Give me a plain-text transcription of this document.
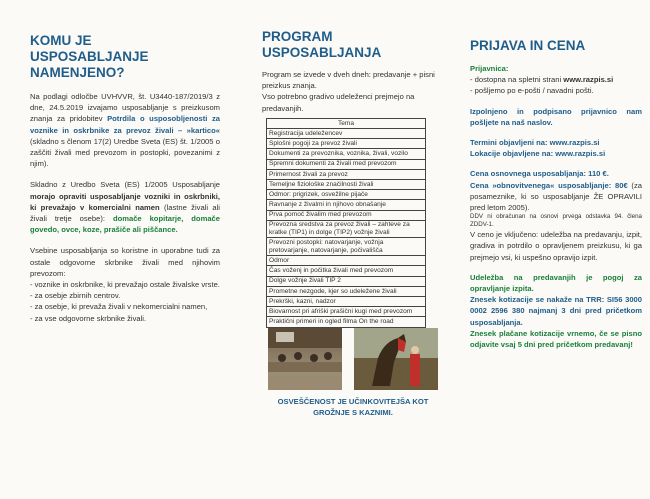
KOMU JE USPOSABLJANJE NAMENJENO?

Na podlagi odločbe UVHVVR, št. U3440-187/2019/3 z dne, 24.5.2019 izvajamo usposabljanje s preizkusom znanja za pridobitev Potrdila o usposobljenosti za voznike in oskrbnike za prevoz živali – »kartico« (skladno s členom 17(2) Uredbe Sveta (ES) št. 1/2005 o zaščiti živali med prevozom in postopki, povezanimi z njim).

Skladno z Uredbo Sveta (ES) 1/2005 Usposabljanje morajo opraviti usposabljanje vozniki in oskrbniki, ki prevažajo v komercialni namen (lastne živali ali živali tretje osebe): domače kopitarje, domače govedo, ovce, koze, prašiče ali piščance.

Vsebine usposabljanja so koristne in uporabne tudi za ostale odgovorne skrbnike živali med njihovim prevozom:

- voznike in oskrbnike, ki prevažajo ostale živalske vrste.

- za osebje zbirnih centrov.

- za osebje, ki prevaža živali v nekomercialni namen,

- za vse odgovorne skrbnike živali.

PROGRAM USPOSABLJANJA

Program se izvede v dveh dneh: predavanje + pisni preizkus znanja.

Vso potrebno gradivo udeleženci prejmejo na predavanjih.

Tema
Registracija udeležencev
Splošni pogoji za prevoz živali
Dokumenti za prevoznika, voznika, živali, vozilo
Spremni dokumenti za živali med prevozom
Primernost živali za prevoz
Temeljne fiziološke značilnosti živali
Odmor: prigrizek, osvežilne pijače
Ravnanje z živalmi in njihovo obnašanje
Prva pomoč živalim med prevozom
Prevozna sredstva za prevoz živali – zahteve za kratke (TIP1) in dolge (TIP2) vožnje živali
Prevozni postopki: natovarjanje, vožnja pretovarjanje, natovarjanje, počivališča
Odmor
Čas voženj in počitka živali med prevozom
Dolge vožnje živali TIP 2
Prometne nezgode, kjer so udeležene živali
Prekrški, kazni, nadzor
Biovarnost pri afriški prašični kugi med prevozom
Praktični primeri in ogled filma On the road
OSVEŠČENOST JE UČINKOVITEJŠA KOT GROŽNJE S KAZNIMI.
PRIJAVA IN CENA

Prijavnica:

- dostopna na spletni strani www.razpis.si

- pošljemo po e-pošti / navadni pošti.

Izpolnjeno in podpisano prijavnico nam pošljete na naš naslov.

Termini objavljeni na: www.razpis.si

Lokacije objavljene na: www.razpis.si

Cena osnovnega usposabljanja: 110 €.

Cena »obnovitvenega« usposabljanje: 80€ (za posameznike, ki so usposabljanje ŽE OPRAVILI pred letom 2005).

DDV ni obračunan na osnovi prvega odstavka 94. člena ZDDV-1.

V ceno je vključeno: udeležba na predavanju, izpit, gradiva in potrdilo o opravljenem preizkusu, ki ga prejmejo vsi, ki uspešno opravijo izpit.

Udeležba na predavanjih je pogoj za opravljanje izpita.

Znesek kotizacije se nakaže na TRR: SI56 3000 0002 2596 380 najmanj 3 dni pred pričetkom usposabljanja.

Znesek plačane kotizacije vrnemo, če se pisno odjavite vsaj 5 dni pred pričetkom predavanj!
